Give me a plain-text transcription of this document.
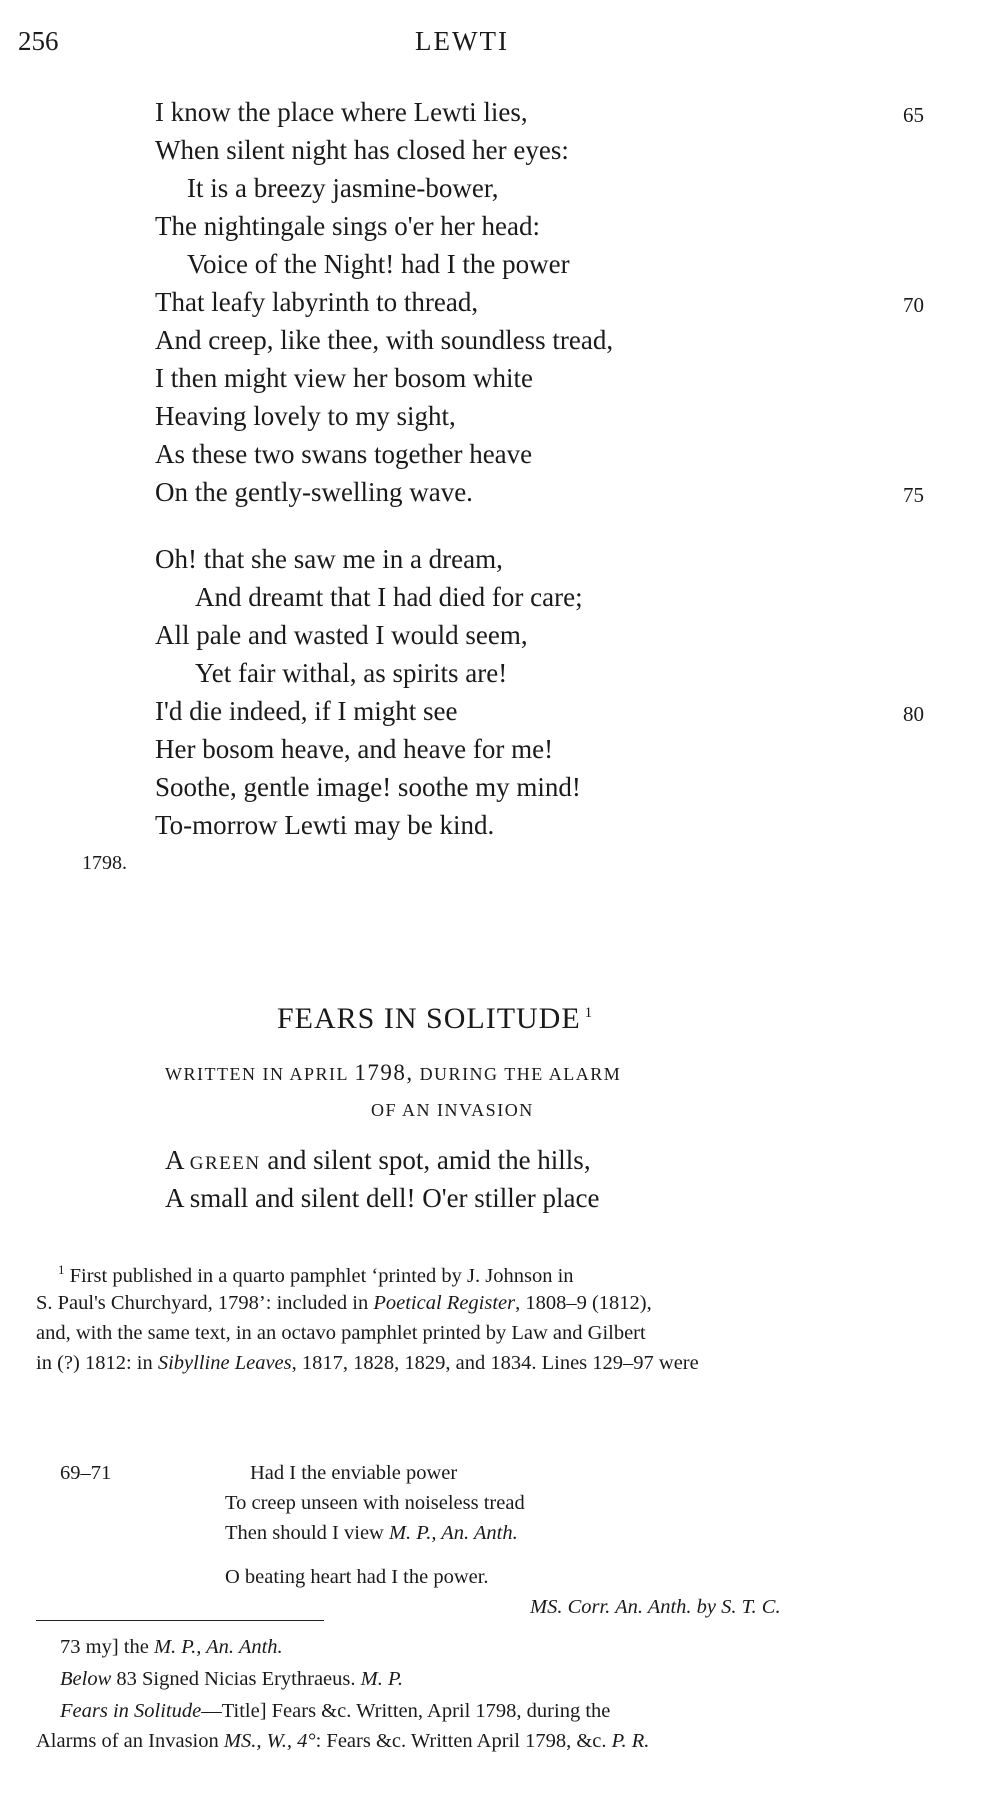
256	LEWTI
I know the place where Lewti lies,	65
When silent night has closed her eyes:
It is a breezy jasmine-bower,
The nightingale sings o'er her head:
Voice of the Night! had I the power
That leafy labyrinth to thread,	70
And creep, like thee, with soundless tread,
I then might view her bosom white
Heaving lovely to my sight,
As these two swans together heave
On the gently-swelling wave.	75
Oh! that she saw me in a dream,
And dreamt that I had died for care;
All pale and wasted I would seem,
Yet fair withal, as spirits are!
I'd die indeed, if I might see	80
Her bosom heave, and heave for me!
Soothe, gentle image! soothe my mind!
To-morrow Lewti may be kind.
1798.
FEARS IN SOLITUDE $^1$
WRITTEN IN APRIL 1798, DURING THE ALARM
OF AN INVASION
A GREEN and silent spot, amid the hills,
A small and silent dell! O'er stiller place
$^1$ First published in a quarto pamphlet ‘printed by J. Johnson in
S. Paul's Churchyard, 1798’: included in Poetical Register, 1808–9 (1812),
and, with the same text, in an octavo pamphlet printed by Law and Gilbert
in (?) 1812: in Sibylline Leaves, 1817, 1828, 1829, and 1834. Lines 129–97 were
69–71	Had I the enviable power
To creep unseen with noiseless tread
Then should I view M. P., An. Anth.
O beating heart had I the power.
MS. Corr. An. Anth. by S. T. C.
73 my] the M. P., An. Anth.
Below 83 Signed Nicias Erythraeus. M. P.
Fears in Solitude—Title] Fears &c. Written, April 1798, during the
Alarms of an Invasion MS., W., 4°: Fears &c. Written April 1798, &c. P. R.
